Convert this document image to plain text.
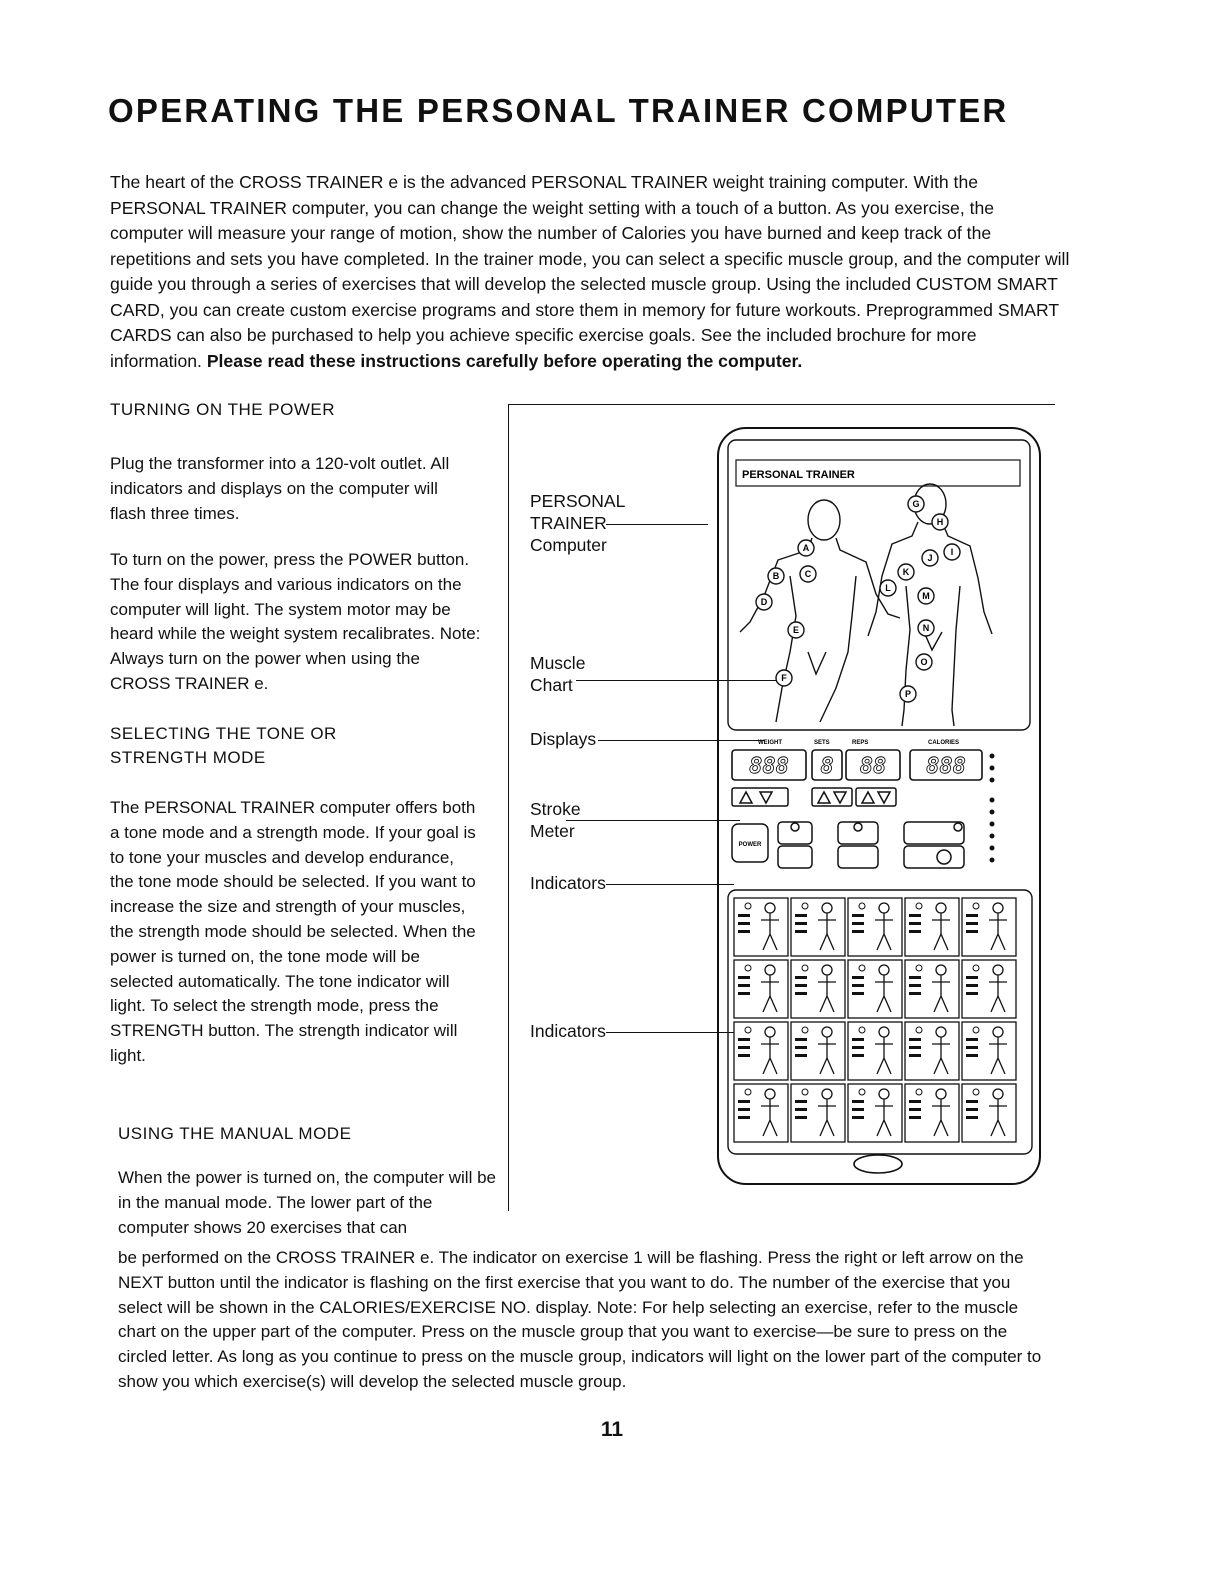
OPERATING THE PERSONAL TRAINER COMPUTER
The heart of the CROSS TRAINER e is the advanced PERSONAL TRAINER weight training computer. With the PERSONAL TRAINER computer, you can change the weight setting with a touch of a button. As you exercise, the computer will measure your range of motion, show the number of Calories you have burned and keep track of the repetitions and sets you have completed. In the trainer mode, you can select a specific muscle group, and the computer will guide you through a series of exercises that will develop the selected muscle group. Using the included CUSTOM SMART CARD, you can create custom exercise programs and store them in memory for future workouts. Preprogrammed SMART CARDS can also be purchased to help you achieve specific exercise goals. See the included brochure for more information. Please read these instructions carefully before operating the computer.
TURNING ON THE POWER
Plug the transformer into a 120-volt outlet. All indicators and displays on the computer will flash three times.
To turn on the power, press the POWER button. The four displays and various indicators on the computer will light. The system motor may be heard while the weight system recalibrates. Note: Always turn on the power when using the CROSS TRAINER e.
SELECTING THE TONE OR STRENGTH MODE
The PERSONAL TRAINER computer offers both a tone mode and a strength mode. If your goal is to tone your muscles and develop endurance, the tone mode should be selected. If you want to increase the size and strength of your muscles, the strength mode should be selected. When the power is turned on, the tone mode will be selected automatically. The tone indicator will light. To select the strength mode, press the STRENGTH button. The strength indicator will light.
USING THE MANUAL MODE
When the power is turned on, the computer will be in the manual mode. The lower part of the computer shows 20 exercises that can
be performed on the CROSS TRAINER e. The indicator on exercise 1 will be flashing. Press the right or left arrow on the NEXT button until the indicator is flashing on the first exercise that you want to do. The number of the exercise that you select will be shown in the CALORIES/EXERCISE NO. display. Note: For help selecting an exercise, refer to the muscle chart on the upper part of the computer. Press on the muscle group that you want to exercise—be sure to press on the circled letter. As long as you continue to press on the muscle group, indicators will light on the lower part of the computer to show you which exercise(s) will develop the selected muscle group.
PERSONAL TRAINER Computer
Muscle Chart
Displays
Stroke Meter
Indicators
Indicators
PERSONAL TRAINER
A
B	C
D
E
F
G
H
I
J
K
L
M
N
O
P
WEIGHT	SETS	REPS	CALORIES
888 8 88 888
POWER
11
